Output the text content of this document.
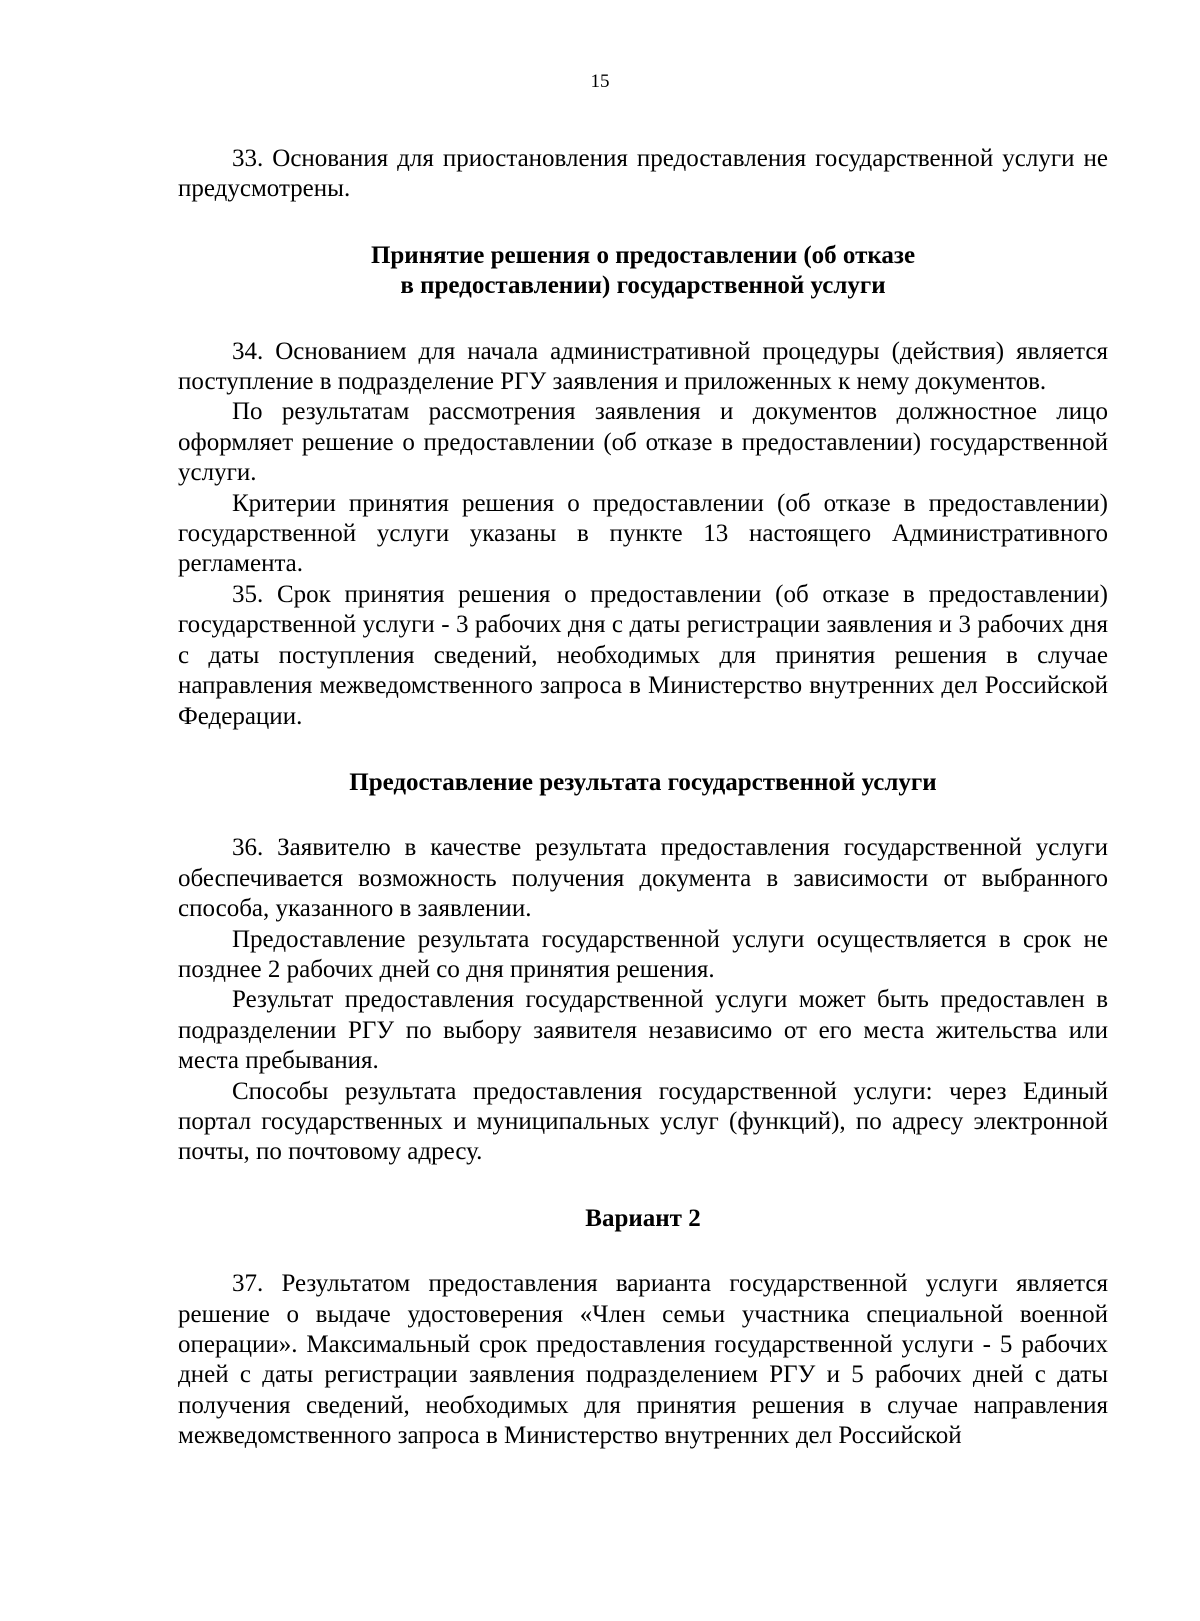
15

33. Основания для приостановления предоставления государственной услуги не предусмотрены.

Принятие решения о предоставлении (об отказе
в предоставлении) государственной услуги

34. Основанием для начала административной процедуры (действия) является поступление в подразделение РГУ заявления и приложенных к нему документов.

По результатам рассмотрения заявления и документов должностное лицо оформляет решение о предоставлении (об отказе в предоставлении) государственной услуги.

Критерии принятия решения о предоставлении (об отказе в предоставлении) государственной услуги указаны в пункте 13 настоящего Административного регламента.

35. Срок принятия решения о предоставлении (об отказе в предоставлении) государственной услуги - 3 рабочих дня с даты регистрации заявления и 3 рабочих дня с даты поступления сведений, необходимых для принятия решения в случае направления межведомственного запроса в Министерство внутренних дел Российской Федерации.

Предоставление результата государственной услуги

36. Заявителю в качестве результата предоставления государственной услуги обеспечивается возможность получения документа в зависимости от выбранного способа, указанного в заявлении.

Предоставление результата государственной услуги осуществляется в срок не позднее 2 рабочих дней со дня принятия решения.

Результат предоставления государственной услуги может быть предоставлен в подразделении РГУ по выбору заявителя независимо от его места жительства или места пребывания.

Способы результата предоставления государственной услуги: через Единый портал государственных и муниципальных услуг (функций), по адресу электронной почты, по почтовому адресу.

Вариант 2

37. Результатом предоставления варианта государственной услуги является решение о выдаче удостоверения «Член семьи участника специальной военной операции». Максимальный срок предоставления государственной услуги - 5 рабочих дней с даты регистрации заявления подразделением РГУ и 5 рабочих дней с даты получения сведений, необходимых для принятия решения в случае направления межведомственного запроса в Министерство внутренних дел Российской
